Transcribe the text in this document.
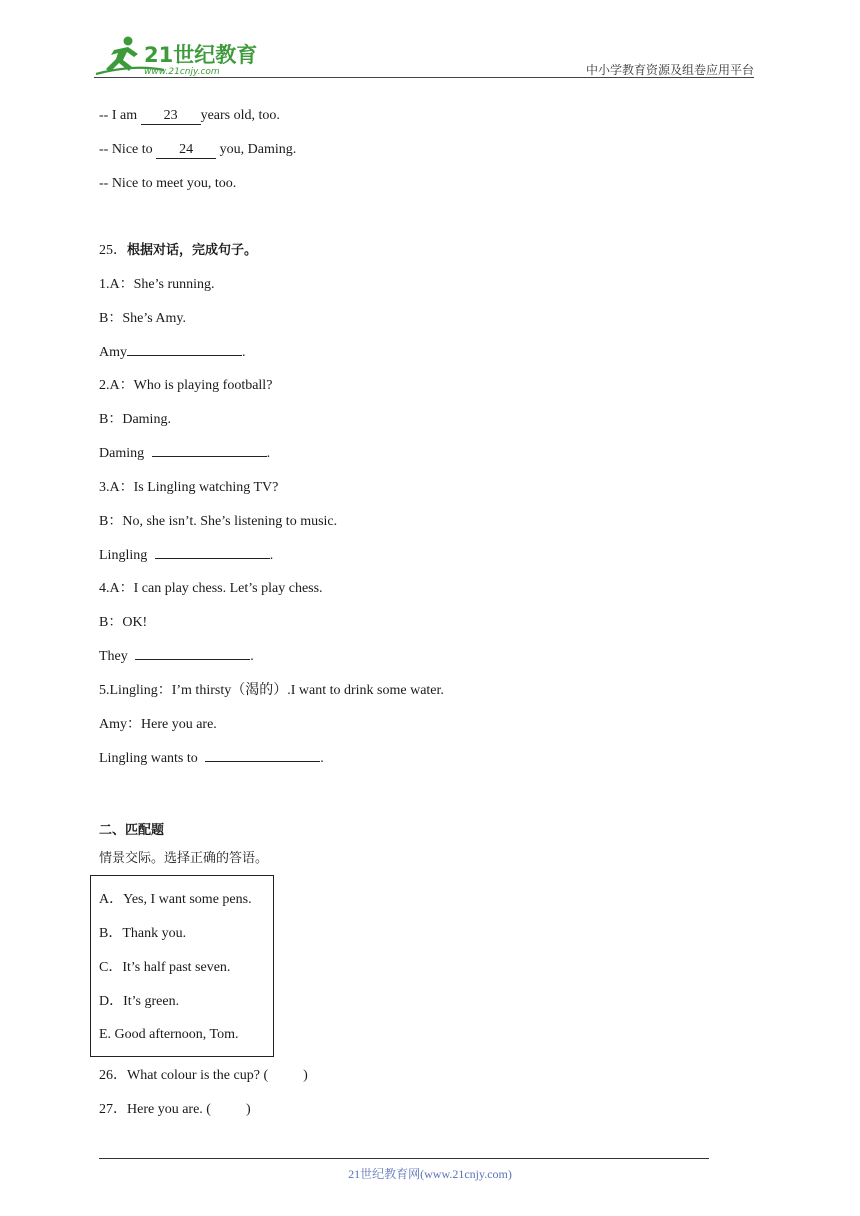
21世纪教育
www.21cnjy.com	中小学教育资源及组卷应用平台
-- I am 23 years old, too.
-- Nice to 24 you, Daming.
-- Nice to meet you, too.
25．根据对话，完成句子。
1.A：She’s running.
B：She’s Amy.
Amy	.
2.A：Who is playing football?
B：Daming.
Daming	.
3.A：Is Lingling watching TV?
B：No, she isn’t. She’s listening to music.
Lingling	.
4.A：I can play chess. Let’s play chess.
B：OK!
They	.
5.Lingling：I’m thirsty（渴的）.I want to drink some water.
Amy：Here you are.
Lingling wants to	.
二、匹配题
情景交际。选择正确的答语。
A．Yes, I want some pens.
B．Thank you.
C．It’s half past seven.
D．It’s green.
E. Good afternoon, Tom.
26．What colour is the cup? (          )
27．Here you are. (          )
21世纪教育网(www.21cnjy.com)
